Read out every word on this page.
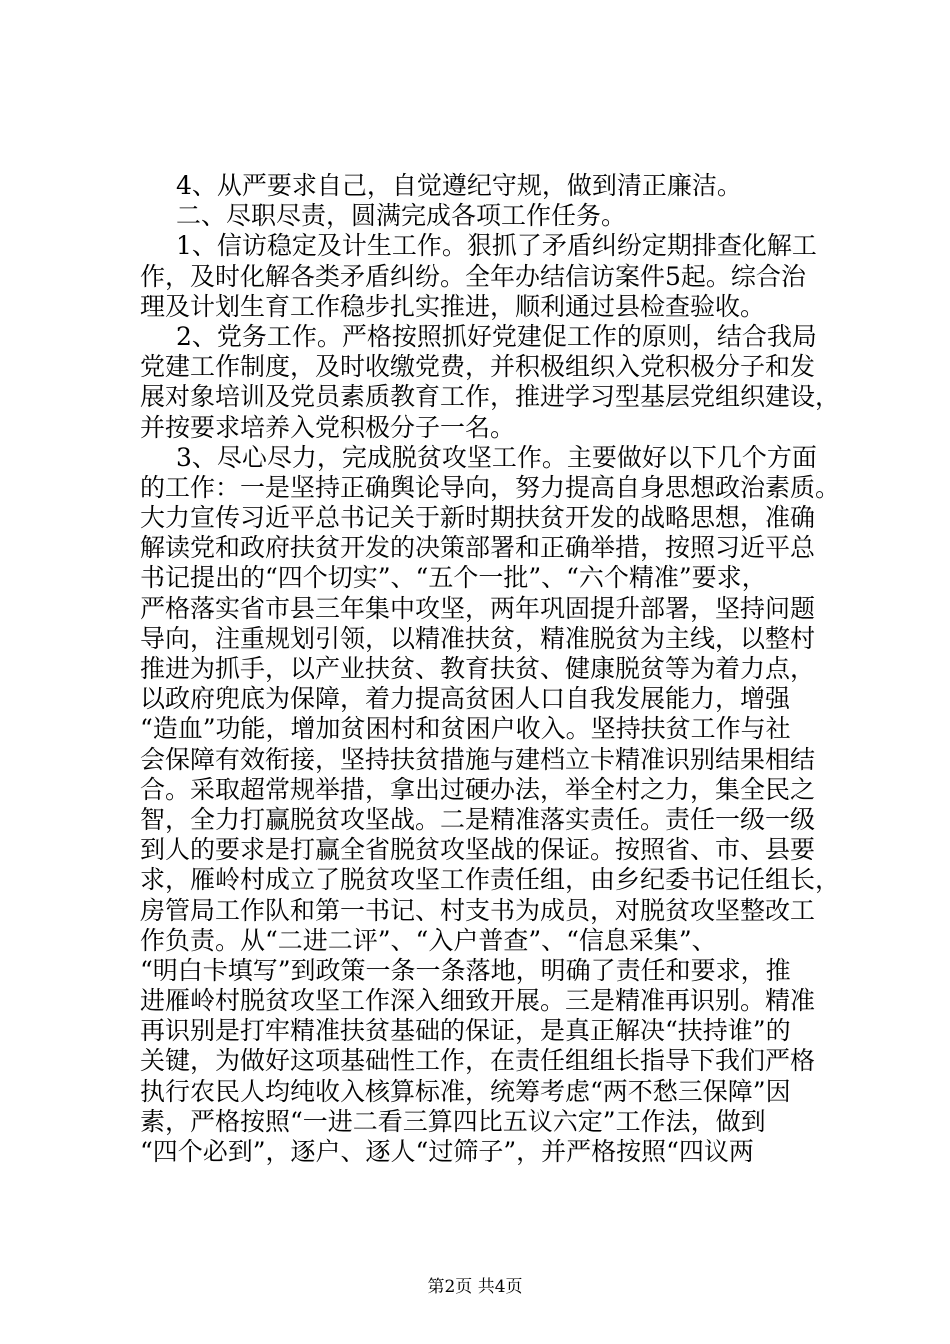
4、从严要求自己，自觉遵纪守规，做到清正廉洁。
二、尽职尽责，圆满完成各项工作任务。
1、信访稳定及计生工作。狠抓了矛盾纠纷定期排查化解工
作，及时化解各类矛盾纠纷。全年办结信访案件5起。综合治
理及计划生育工作稳步扎实推进，顺利通过县检查验收。
2、党务工作。严格按照抓好党建促工作的原则，结合我局
党建工作制度，及时收缴党费，并积极组织入党积极分子和发
展对象培训及党员素质教育工作，推进学习型基层党组织建设，
并按要求培养入党积极分子一名。
3、尽心尽力，完成脱贫攻坚工作。主要做好以下几个方面
的工作：一是坚持正确舆论导向，努力提高自身思想政治素质。
大力宣传习近平总书记关于新时期扶贫开发的战略思想，准确
解读党和政府扶贫开发的决策部署和正确举措，按照习近平总
书记提出的“四个切实”、“五个一批”、“六个精准”要求，
严格落实省市县三年集中攻坚，两年巩固提升部署，坚持问题
导向，注重规划引领，以精准扶贫，精准脱贫为主线，以整村
推进为抓手，以产业扶贫、教育扶贫、健康脱贫等为着力点，
以政府兜底为保障，着力提高贫困人口自我发展能力，增强
“造血”功能，增加贫困村和贫困户收入。坚持扶贫工作与社
会保障有效衔接，坚持扶贫措施与建档立卡精准识别结果相结
合。采取超常规举措，拿出过硬办法，举全村之力，集全民之
智，全力打赢脱贫攻坚战。二是精准落实责任。责任一级一级
到人的要求是打赢全省脱贫攻坚战的保证。按照省、市、县要
求，雁岭村成立了脱贫攻坚工作责任组，由乡纪委书记任组长，
房管局工作队和第一书记、村支书为成员，对脱贫攻坚整改工
作负责。从“二进二评”、“入户普查”、“信息采集”、
“明白卡填写”到政策一条一条落地，明确了责任和要求，推
进雁岭村脱贫攻坚工作深入细致开展。三是精准再识别。精准
再识别是打牢精准扶贫基础的保证，是真正解决“扶持谁”的
关键，为做好这项基础性工作，在责任组组长指导下我们严格
执行农民人均纯收入核算标准，统筹考虑“两不愁三保障”因
素，严格按照“一进二看三算四比五议六定”工作法，做到
“四个必到”，逐户、逐人“过筛子”，并严格按照“四议两
第2页 共4页
